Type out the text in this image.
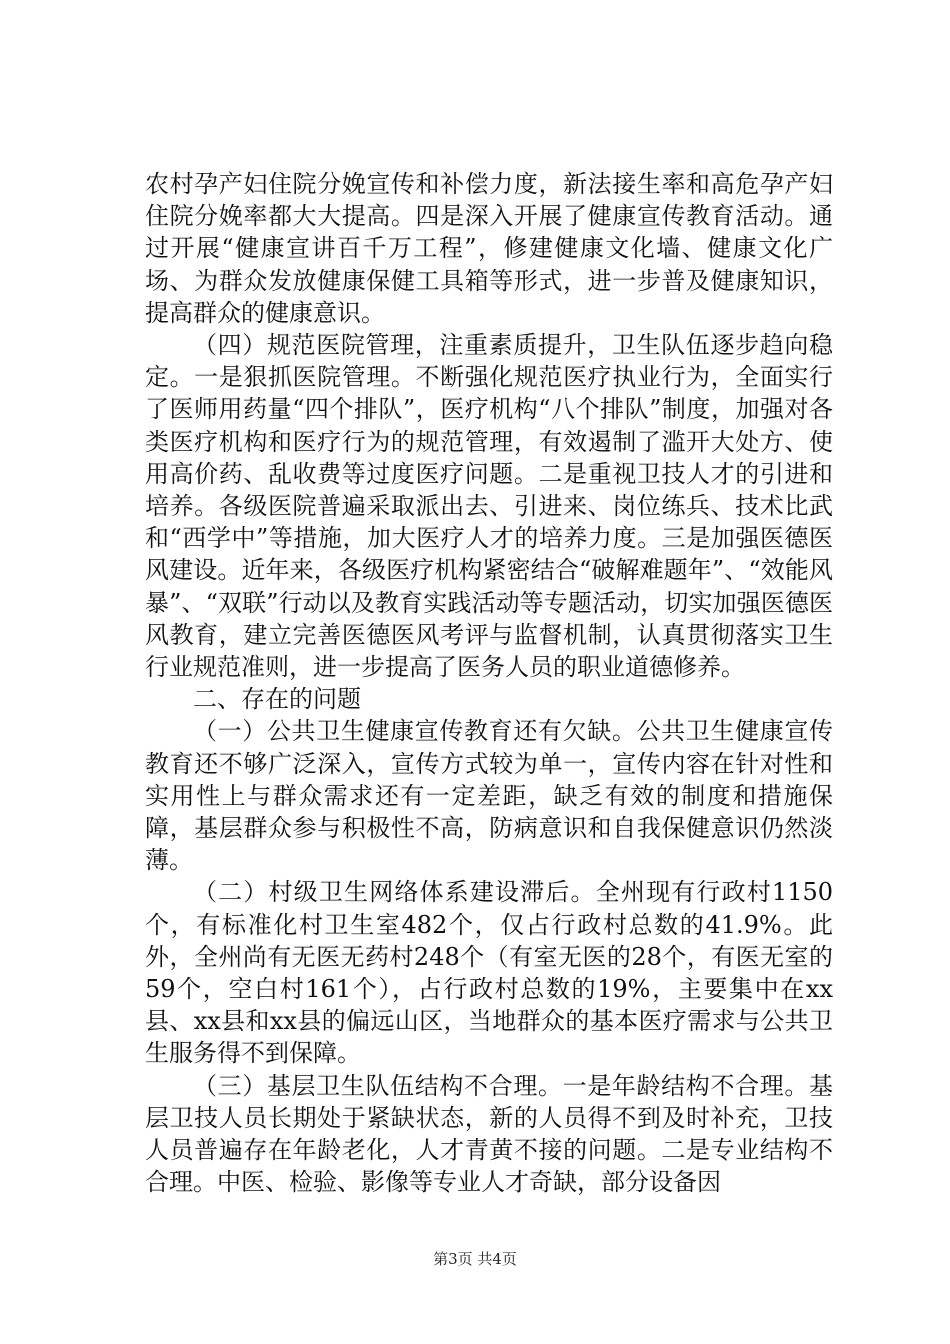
农村孕产妇住院分娩宣传和补偿力度，新法接生率和高危孕产妇住院分娩率都大大提高。四是深入开展了健康宣传教育活动。通过开展“健康宣讲百千万工程”，修建健康文化墙、健康文化广场、为群众发放健康保健工具箱等形式，进一步普及健康知识，提高群众的健康意识。

（四）规范医院管理，注重素质提升，卫生队伍逐步趋向稳定。一是狠抓医院管理。不断强化规范医疗执业行为，全面实行了医师用药量“四个排队”，医疗机构“八个排队”制度，加强对各类医疗机构和医疗行为的规范管理，有效遏制了滥开大处方、使用高价药、乱收费等过度医疗问题。二是重视卫技人才的引进和培养。各级医院普遍采取派出去、引进来、岗位练兵、技术比武和“西学中”等措施，加大医疗人才的培养力度。三是加强医德医风建设。近年来，各级医疗机构紧密结合“破解难题年”、“效能风暴”、“双联”行动以及教育实践活动等专题活动，切实加强医德医风教育，建立完善医德医风考评与监督机制，认真贯彻落实卫生行业规范准则，进一步提高了医务人员的职业道德修养。

二、存在的问题

（一）公共卫生健康宣传教育还有欠缺。公共卫生健康宣传教育还不够广泛深入，宣传方式较为单一，宣传内容在针对性和实用性上与群众需求还有一定差距，缺乏有效的制度和措施保障，基层群众参与积极性不高，防病意识和自我保健意识仍然淡薄。

（二）村级卫生网络体系建设滞后。全州现有行政村1150个，有标准化村卫生室482个，仅占行政村总数的41.9%。此外，全州尚有无医无药村248个（有室无医的28个，有医无室的59个，空白村161个），占行政村总数的19%，主要集中在xx县、xx县和xx县的偏远山区，当地群众的基本医疗需求与公共卫生服务得不到保障。

（三）基层卫生队伍结构不合理。一是年龄结构不合理。基层卫技人员长期处于紧缺状态，新的人员得不到及时补充，卫技人员普遍存在年龄老化，人才青黄不接的问题。二是专业结构不合理。中医、检验、影像等专业人才奇缺，部分设备因

第3页 共4页
